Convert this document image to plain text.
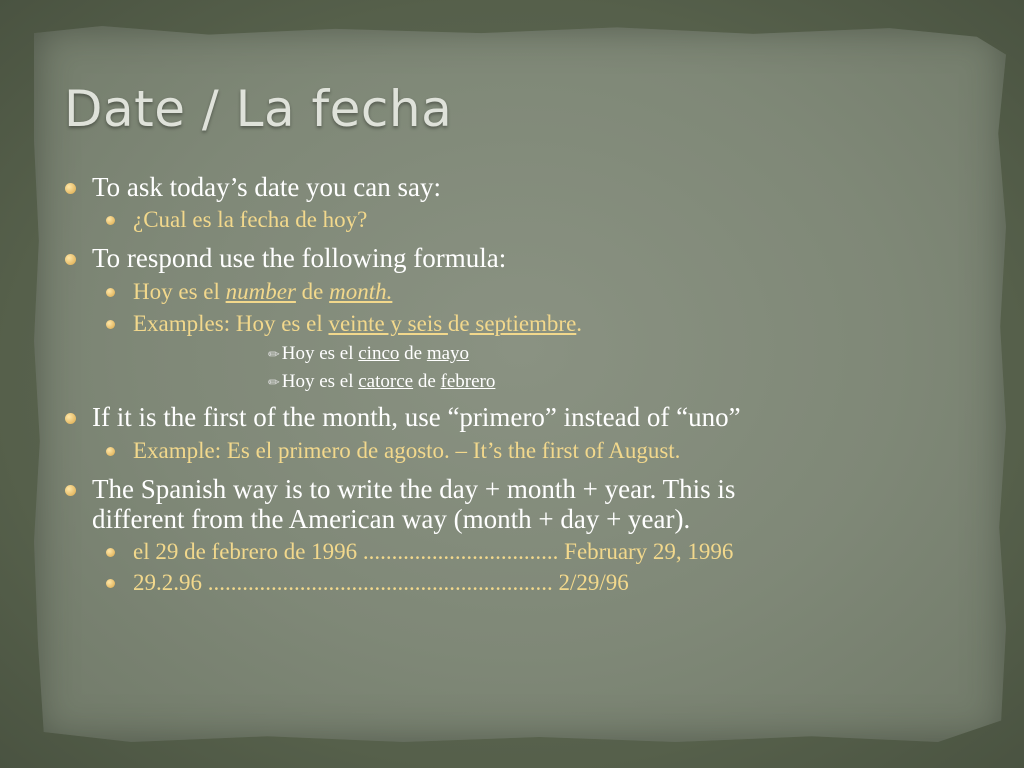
Date / La fecha
To ask today’s date you can say:
¿Cual es la fecha de hoy?
To respond use the following formula:
Hoy es el number de month.
Examples: Hoy es el veinte y seis de septiembre.
✏ Hoy es el cinco de mayo
✏ Hoy es el catorce de febrero
If it is the first of the month, use “primero” instead of “uno”
Example: Es el primero de agosto. – It’s the first of August.
The Spanish way is to write the day + month + year. This is
different from the American way (month + day + year).
el 29 de febrero de 1996 .................................. February 29, 1996
29.2.96 ............................................................ 2/29/96
